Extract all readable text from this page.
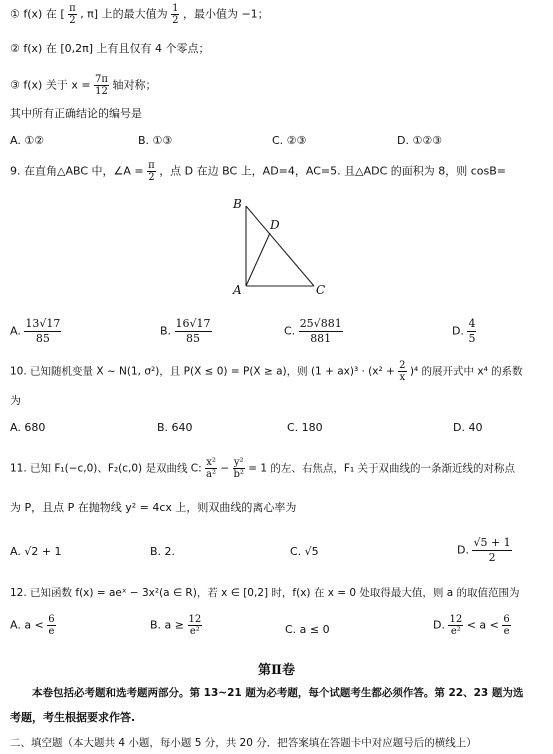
① f(x) 在 [ $\frac{\pi}{2}$ , π] 上的最大值为 $\frac{1}{2}$ ，最小值为 −1；
② f(x) 在 [0,2π] 上有且仅有 4 个零点；
③ f(x) 关于 $x = \frac{7\pi}{12}$ 轴对称；
其中所有正确结论的编号是
A. ①②	B. ①③	C. ②③	D. ①②③
9. 在直角△ABC 中，∠A = $\frac{\pi}{2}$ ，点 D 在边 BC 上，AD=4，AC=5. 且△ADC 的面积为 8，则 cosB=
B
D
A	C
A. $\frac{13√17}{85}$	B. $\frac{16√17}{85}$	C. $\frac{25√881}{881}$	D. $\frac{4}{5}$
10. 已知随机变量 X ~ N(1, σ²)，且 P(X ≤ 0) = P(X ≥ a)，则 $(1 + ax)^3 \cdot (x^2 + \frac{2}{x} )^4$ 的展开式中 x⁴ 的系数
为
A. 680	B. 640	C. 180	D. 40
11. 已知 F₁(−c,0)、F₂(c,0) 是双曲线 C: $\frac{\text{x²}}{\text{a²}} - \frac{\text{y²}}{\text{b²}} = 1$ 的左、右焦点，F₁ 关于双曲线的一条渐近线的对称点
为 P，且点 P 在抛物线 y² = 4cx 上，则双曲线的离心率为
A. √2 + 1	B. 2.	C. √5	D. $\frac{√5 + 1}{2}$
12. 已知函数 f(x) = aeˣ − 3x²(a ∈ R)，若 x ∈ [0,2] 时，f(x) 在 x = 0 处取得最大值，则 a 的取值范围为
A. $a < \frac{6}{e}$	B. $a \ge \frac{12}{\text{e²}}$	C. a ≤ 0	D. $\frac{12}{\text{e²}} < a < \frac{6}{e}$
第Ⅱ卷
本卷包括必考题和选考题两部分。第 13~21 题为必考题，每个试题考生都必须作答。第 22、23 题为选
考题，考生根据要求作答.
二、填空题（本大题共 4 小题，每小题 5 分，共 20 分．把答案填在答题卡中对应题号后的横线上）
